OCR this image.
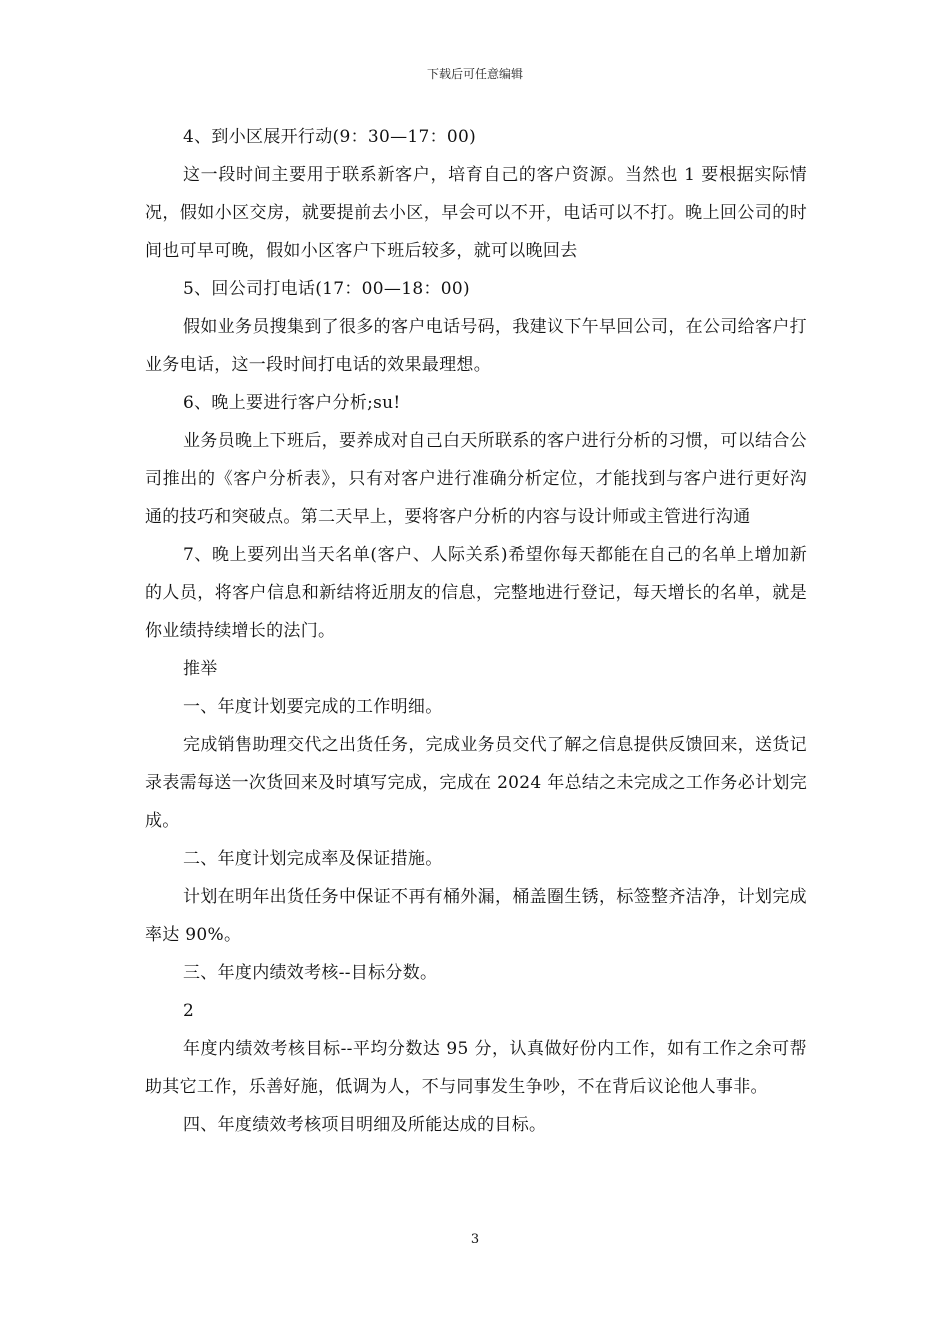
下载后可任意编辑

4、到小区展开行动(9：30—17：00)

这一段时间主要用于联系新客户，培育自己的客户资源。当然也 1 要根据实际情况，假如小区交房，就要提前去小区，早会可以不开，电话可以不打。晚上回公司的时间也可早可晚，假如小区客户下班后较多，就可以晚回去

5、回公司打电话(17：00—18：00)

假如业务员搜集到了很多的客户电话号码，我建议下午早回公司，在公司给客户打业务电话，这一段时间打电话的效果最理想。

6、晚上要进行客户分析;su!

业务员晚上下班后，要养成对自己白天所联系的客户进行分析的习惯，可以结合公司推出的《客户分析表》，只有对客户进行准确分析定位，才能找到与客户进行更好沟通的技巧和突破点。第二天早上，要将客户分析的内容与设计师或主管进行沟通

7、晚上要列出当天名单(客户、人际关系)希望你每天都能在自己的名单上增加新的人员，将客户信息和新结将近朋友的信息，完整地进行登记，每天增长的名单，就是你业绩持续增长的法门。

推举

一、年度计划要完成的工作明细。

完成销售助理交代之出货任务，完成业务员交代了解之信息提供反馈回来，送货记录表需每送一次货回来及时填写完成，完成在 2024 年总结之未完成之工作务必计划完成。

二、年度计划完成率及保证措施。

计划在明年出货任务中保证不再有桶外漏，桶盖圈生锈，标签整齐洁净，计划完成率达 90%。

三、年度内绩效考核--目标分数。

2

年度内绩效考核目标--平均分数达 95 分，认真做好份内工作，如有工作之余可帮助其它工作，乐善好施，低调为人，不与同事发生争吵，不在背后议论他人事非。

四、年度绩效考核项目明细及所能达成的目标。

3
